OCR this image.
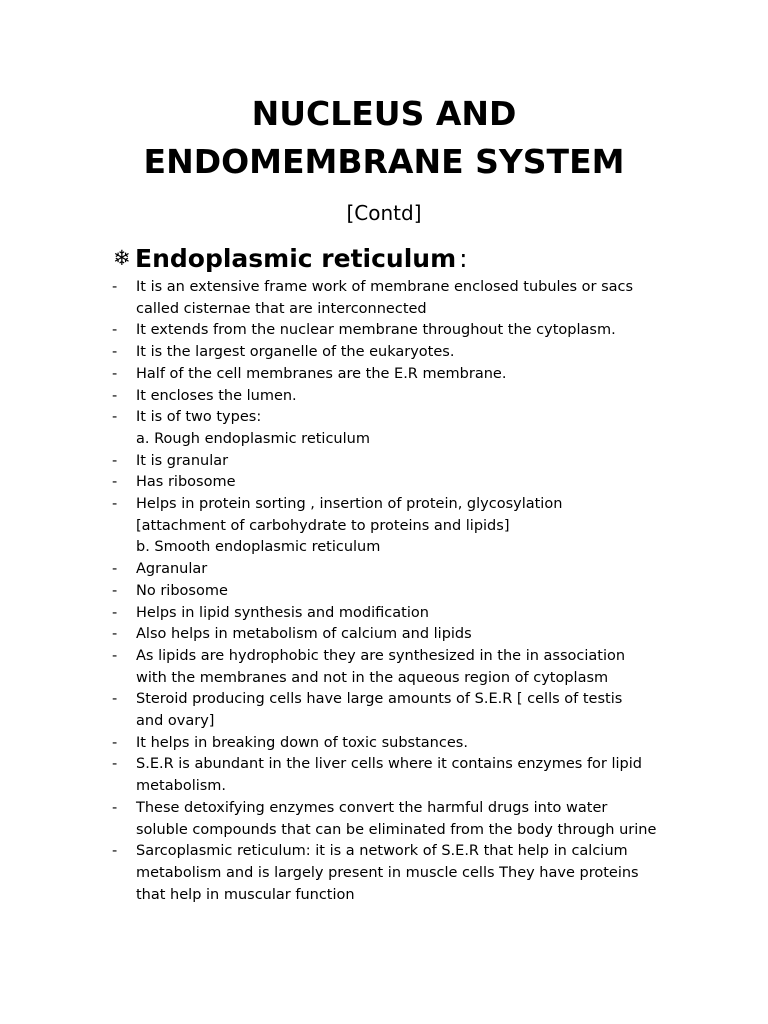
NUCLEUS AND
ENDOMEMBRANE SYSTEM

[Contd]

❄ Endoplasmic reticulum :
- It is an extensive frame work of membrane enclosed tubules or sacs
called cisternae that are interconnected
- It extends from the nuclear membrane throughout the cytoplasm.
- It is the largest organelle of the eukaryotes.
- Half of the cell membranes are the E.R membrane.
- It encloses the lumen.
- It is of two types:
a. Rough endoplasmic reticulum
- It is granular
- Has ribosome
- Helps in protein sorting , insertion of protein, glycosylation
[attachment of carbohydrate to proteins and lipids]
b. Smooth endoplasmic reticulum
- Agranular
- No ribosome
- Helps in lipid synthesis and modification
- Also helps in metabolism of calcium and lipids
- As lipids are hydrophobic they are synthesized in the in association
with the membranes and not in the aqueous region of cytoplasm
- Steroid producing cells have large amounts of S.E.R [ cells of testis
and ovary]
- It helps in breaking down of toxic substances.
- S.E.R is abundant in the liver cells where it contains enzymes for lipid
metabolism.
- These detoxifying enzymes convert the harmful drugs into water
soluble compounds that can be eliminated from the body through urine
- Sarcoplasmic reticulum: it is a network of S.E.R that help in calcium
metabolism and is largely present in muscle cells They have proteins
that help in muscular function
